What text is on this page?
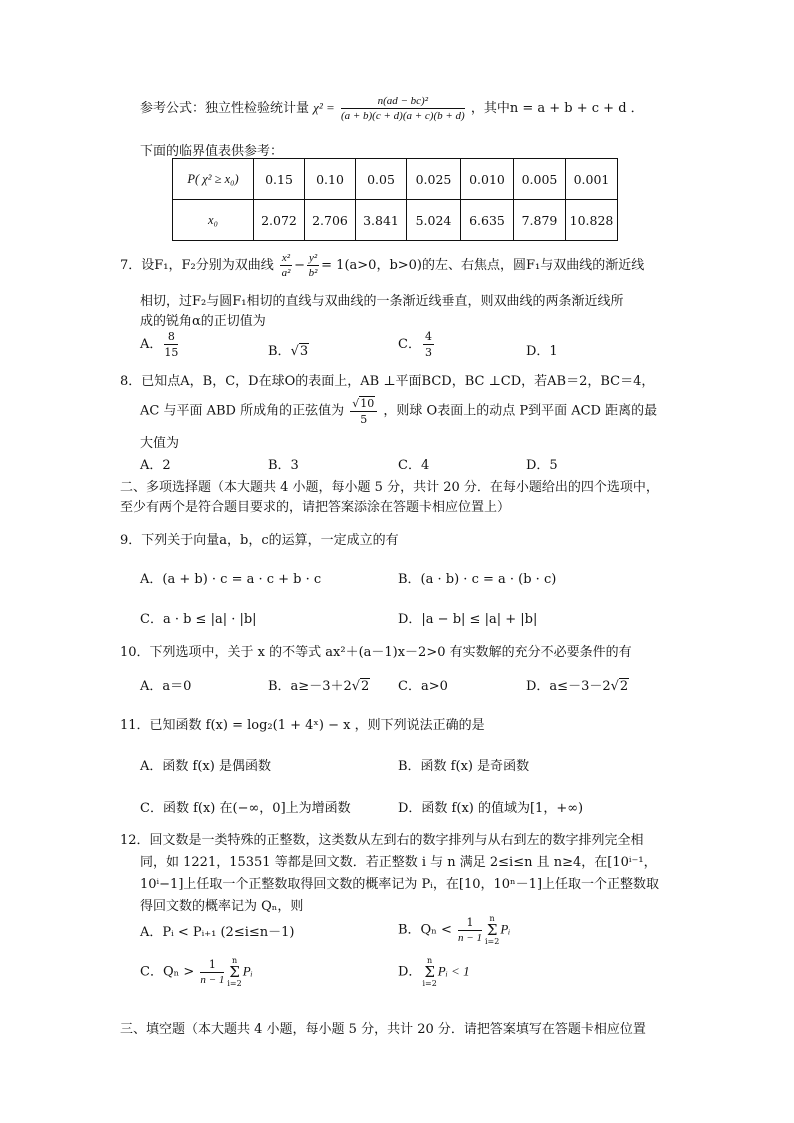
参考公式：独立性检验统计量 $\chi^2 = \frac{\text{n(ad − bc)²}}{(a + b)(c + d)(a + c)(b + d)}$ ，其中n = a + b + c + d ．
下面的临界值表供参考：
P( χ² ≥ x₀)	0.15	0.10	0.05	0.025	0.010	0.005	0.001
x₀	2.072	2.706	3.841	5.024	6.635	7.879	10.828
7．设F₁，F₂分别为双曲线 $\frac{\text{x²}}{\text{a²}} - \frac{\text{y²}}{\text{b²}} = 1(a>0$，b>0)的左、右焦点，圆F₁与双曲线的渐近线
相切，过F₂与圆F₁相切的直线与双曲线的一条渐近线垂直，则双曲线的两条渐近线所
成的锐角α的正切值为
A． $\frac{8}{15}$	B．√3	C． $\frac{4}{3}$	D．1
8．已知点A，B，C，D在球O的表面上，AB ⊥平面BCD，BC ⊥CD，若AB＝2，BC＝4，
AC 与平面 ABD 所成角的正弦值为 $\frac{√10}{5}$ ，则球 O表面上的动点 P到平面 ACD 距离的最
大值为
A．2	B．3	C．4	D．5
二、多项选择题（本大题共 4 小题，每小题 5 分，共计 20 分．在每小题给出的四个选项中，
至少有两个是符合题目要求的，请把答案添涂在答题卡相应位置上）
9．下列关于向量a，b，c的运算，一定成立的有
A．(a + b) · c = a · c + b · c	B．(a · b) · c = a · (b · c)
C．a · b ≤ |a| · |b|	D．|a − b| ≤ |a| + |b|
10．下列选项中，关于 x 的不等式 ax²＋(a－1)x－2>0 有实数解的充分不必要条件的有
A．a＝0	B．a≥－3＋2√2 C．a>0	D．a≤－3－2√2
11．已知函数 f(x) = log₂(1 + 4ˣ) − x ，则下列说法正确的是
A．函数 f(x) 是偶函数	B．函数 f(x) 是奇函数
C．函数 f(x) 在(−∞，0]上为增函数	D．函数 f(x) 的值域为[1，+∞)
12．回文数是一类特殊的正整数，这类数从左到右的数字排列与从右到左的数字排列完全相
同，如 1221，15351 等都是回文数．若正整数 i 与 n 满足 2≤i≤n 且 n≥4，在[10ⁱ⁻¹，
10ⁱ−1]上任取一个正整数取得回文数的概率记为 Pᵢ，在[10，10ⁿ－1]上任取一个正整数取
得回文数的概率记为 Qₙ，则
A．Pᵢ < Pᵢ₊₁ (2≤i≤n－1)	B．$Q_n < \frac{1}{n - 1}$ n
Σ
i=2Pᵢ
C．$Q_n > \frac{1}{n - 1}$ n
Σ
i=2Pᵢ	D．n
Σ
i=2Pᵢ < 1
三、填空题（本大题共 4 小题，每小题 5 分，共计 20 分．请把答案填写在答题卡相应位置
